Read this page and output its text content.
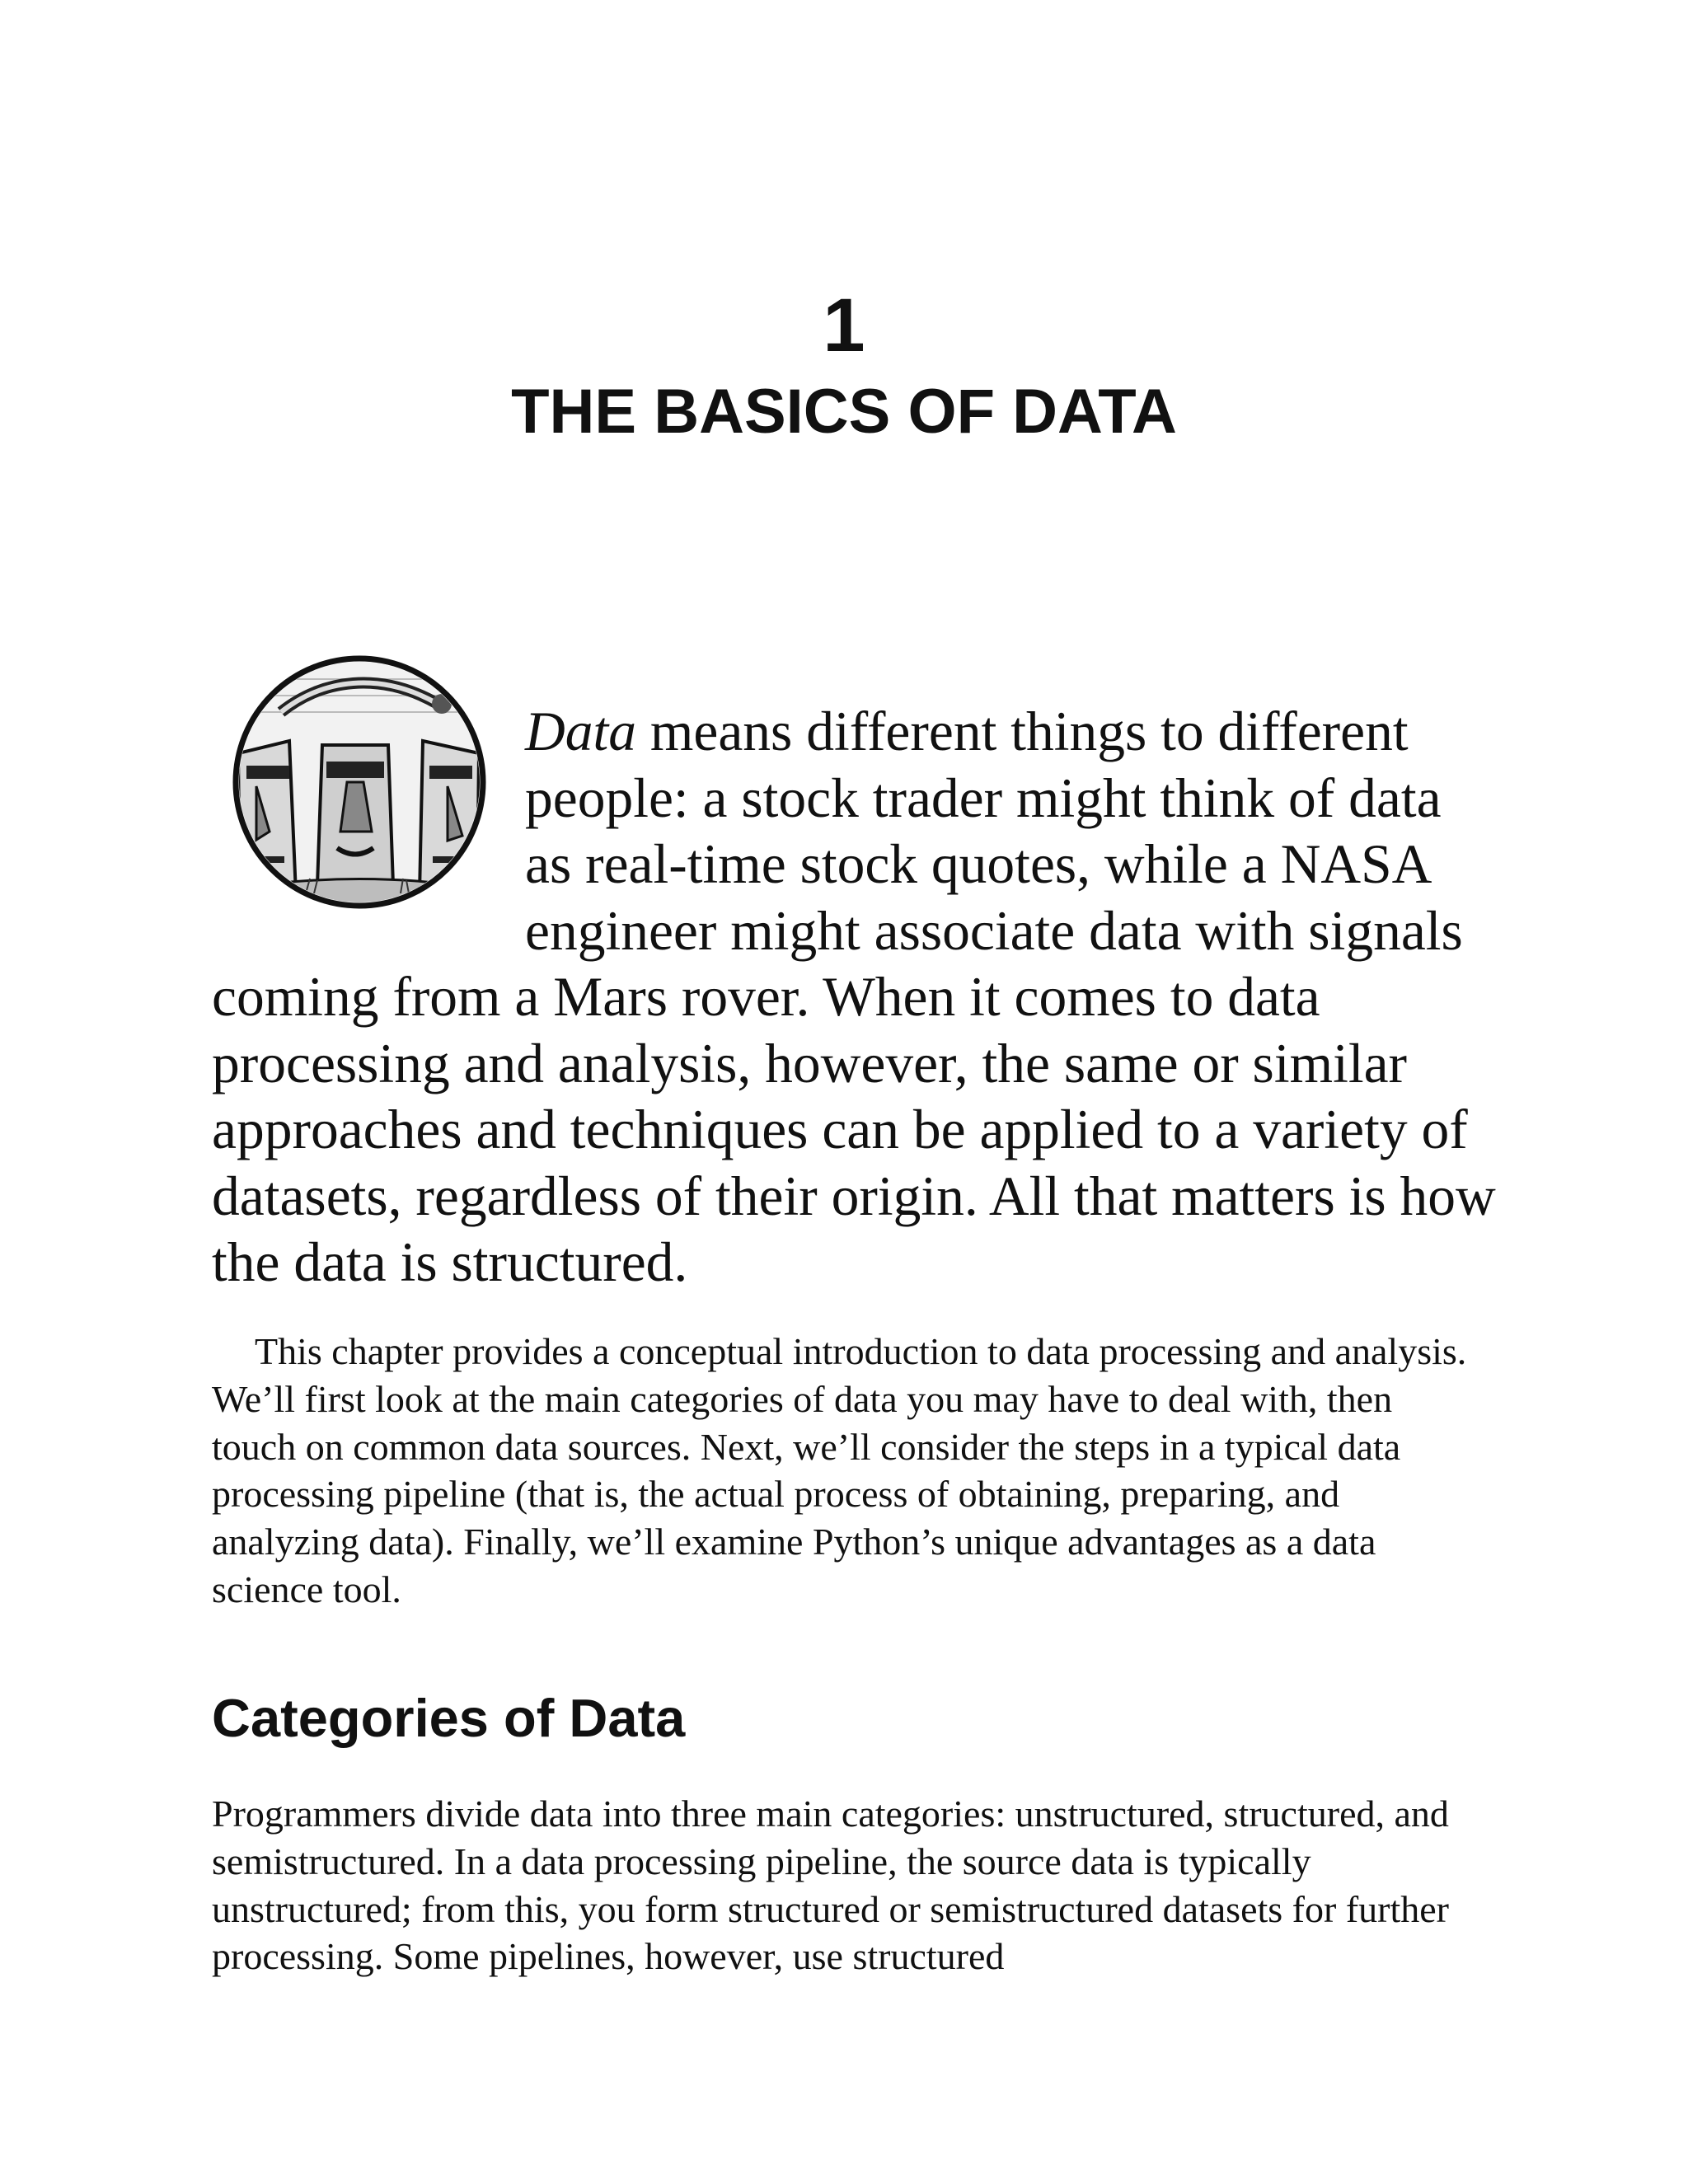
1
THE BASICS OF DATA
Data means different things to different people: a stock trader might think of data as real-time stock quotes, while a NASA engineer might associate data with signals coming from a Mars rover. When it comes to data processing and analysis, however, the same or similar approaches and techniques can be applied to a variety of datasets, regardless of their origin. All that matters is how the data is structured.

This chapter provides a conceptual introduction to data processing and analysis. We’ll first look at the main categories of data you may have to deal with, then touch on common data sources. Next, we’ll consider the steps in a typical data processing pipeline (that is, the actual process of obtaining, preparing, and analyzing data). Finally, we’ll examine Python’s unique advantages as a data science tool.

Categories of Data

Programmers divide data into three main categories: unstructured, structured, and semistructured. In a data processing pipeline, the source data is typically unstructured; from this, you form structured or semistructured datasets for further processing. Some pipelines, however, use structured
